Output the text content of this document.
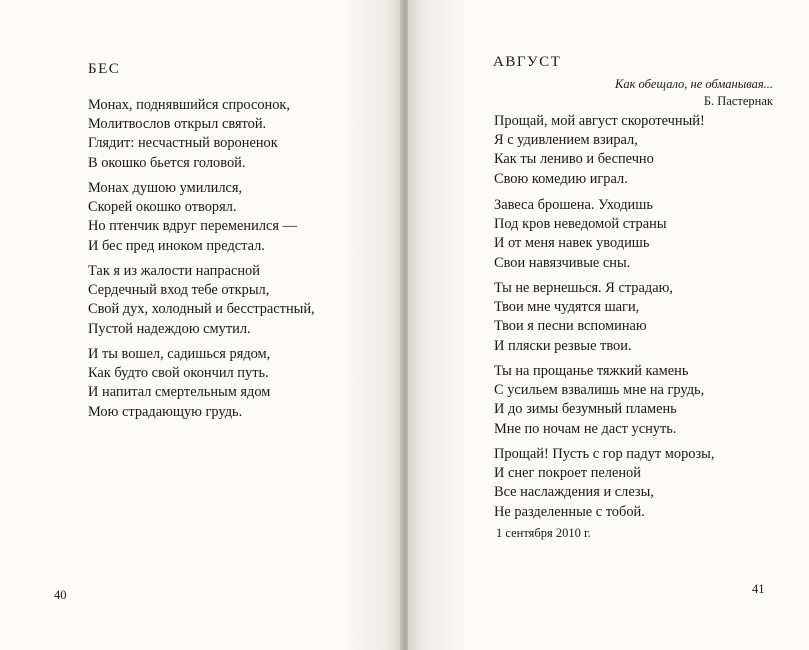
БЕС
Монах, поднявшийся спросонок,
Молитвослов открыл святой.
Глядит: несчастный вороненок
В окошко бьется головой.
Монах душою умилился,
Скорей окошко отворял.
Но птенчик вдруг переменился —
И бес пред иноком предстал.
Так я из жалости напрасной
Сердечный вход тебе открыл,
Свой дух, холодный и бесстрастный,
Пустой надеждою смутил.
И ты вошел, садишься рядом,
Как будто свой окончил путь.
И напитал смертельным ядом
Мою страдающую грудь.
40
АВГУСТ
Как обещало, не обманывая...
Б. Пастернак
Прощай, мой август скоротечный!
Я с удивлением взирал,
Как ты лениво и беспечно
Свою комедию играл.
Завеса брошена. Уходишь
Под кров неведомой страны
И от меня навек уводишь
Свои навязчивые сны.
Ты не вернешься. Я страдаю,
Твои мне чудятся шаги,
Твои я песни вспоминаю
И пляски резвые твои.
Ты на прощанье тяжкий камень
С усильем взвалишь мне на грудь,
И до зимы безумный пламень
Мне по ночам не даст уснуть.
Прощай! Пусть с гор падут морозы,
И снег покроет пеленой
Все наслаждения и слезы,
Не разделенные с тобой.
1 сентября 2010 г.
41
